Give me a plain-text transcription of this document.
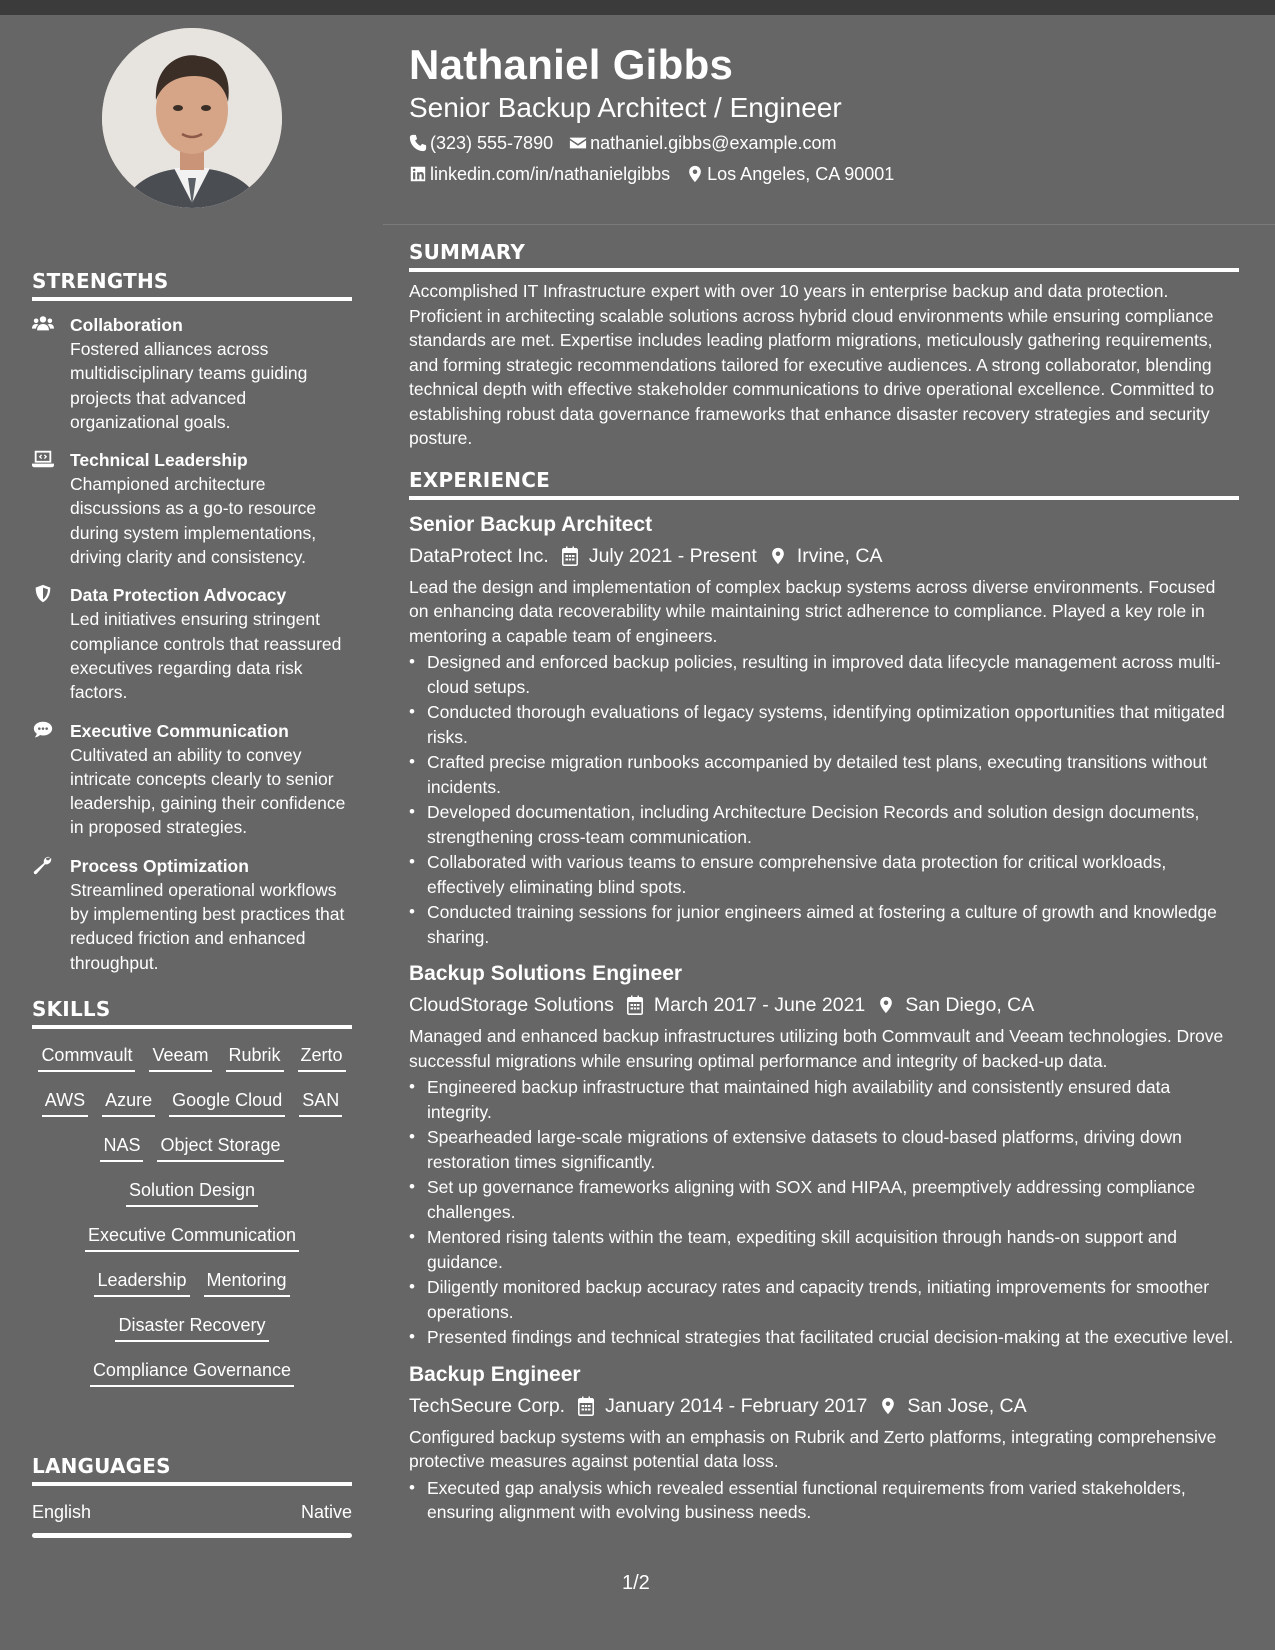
STRENGTHS
Collaboration
Fostered alliances across multidisciplinary teams guiding projects that advanced organizational goals.
Technical Leadership
Championed architecture discussions as a go-to resource during system implementations, driving clarity and consistency.
Data Protection Advocacy
Led initiatives ensuring stringent compliance controls that reassured executives regarding data risk factors.
Executive Communication
Cultivated an ability to convey intricate concepts clearly to senior leadership, gaining their confidence in proposed strategies.
Process Optimization
Streamlined operational workflows by implementing best practices that reduced friction and enhanced throughput.
SKILLS
Commvault Veeam Rubrik Zerto
AWS Azure Google Cloud SAN
NAS Object Storage
Solution Design
Executive Communication
Leadership Mentoring
Disaster Recovery
Compliance Governance
LANGUAGES
English	Native
Nathaniel Gibbs
Senior Backup Architect / Engineer
(323) 555-7890 nathaniel.gibbs@example.com
linkedin.com/in/nathanielgibbs Los Angeles, CA 90001
SUMMARY
Accomplished IT Infrastructure expert with over 10 years in enterprise backup and data protection. Proficient in architecting scalable solutions across hybrid cloud environments while ensuring compliance standards are met. Expertise includes leading platform migrations, meticulously gathering requirements, and forming strategic recommendations tailored for executive audiences. A strong collaborator, blending technical depth with effective stakeholder communications to drive operational excellence. Committed to establishing robust data governance frameworks that enhance disaster recovery strategies and security posture.
EXPERIENCE
Senior Backup Architect
DataProtect Inc. July 2021 - Present Irvine, CA
Lead the design and implementation of complex backup systems across diverse environments. Focused on enhancing data recoverability while maintaining strict adherence to compliance. Played a key role in mentoring a capable team of engineers.
• Designed and enforced backup policies, resulting in improved data lifecycle management across multi-cloud setups.
• Conducted thorough evaluations of legacy systems, identifying optimization opportunities that mitigated risks.
• Crafted precise migration runbooks accompanied by detailed test plans, executing transitions without incidents.
• Developed documentation, including Architecture Decision Records and solution design documents, strengthening cross-team communication.
• Collaborated with various teams to ensure comprehensive data protection for critical workloads, effectively eliminating blind spots.
• Conducted training sessions for junior engineers aimed at fostering a culture of growth and knowledge sharing.
Backup Solutions Engineer
CloudStorage Solutions March 2017 - June 2021 San Diego, CA
Managed and enhanced backup infrastructures utilizing both Commvault and Veeam technologies. Drove successful migrations while ensuring optimal performance and integrity of backed-up data.
• Engineered backup infrastructure that maintained high availability and consistently ensured data integrity.
• Spearheaded large-scale migrations of extensive datasets to cloud-based platforms, driving down restoration times significantly.
• Set up governance frameworks aligning with SOX and HIPAA, preemptively addressing compliance challenges.
• Mentored rising talents within the team, expediting skill acquisition through hands-on support and guidance.
• Diligently monitored backup accuracy rates and capacity trends, initiating improvements for smoother operations.
• Presented findings and technical strategies that facilitated crucial decision-making at the executive level.
Backup Engineer
TechSecure Corp. January 2014 - February 2017 San Jose, CA
Configured backup systems with an emphasis on Rubrik and Zerto platforms, integrating comprehensive protective measures against potential data loss.
• Executed gap analysis which revealed essential functional requirements from varied stakeholders, ensuring alignment with evolving business needs.
1/2
